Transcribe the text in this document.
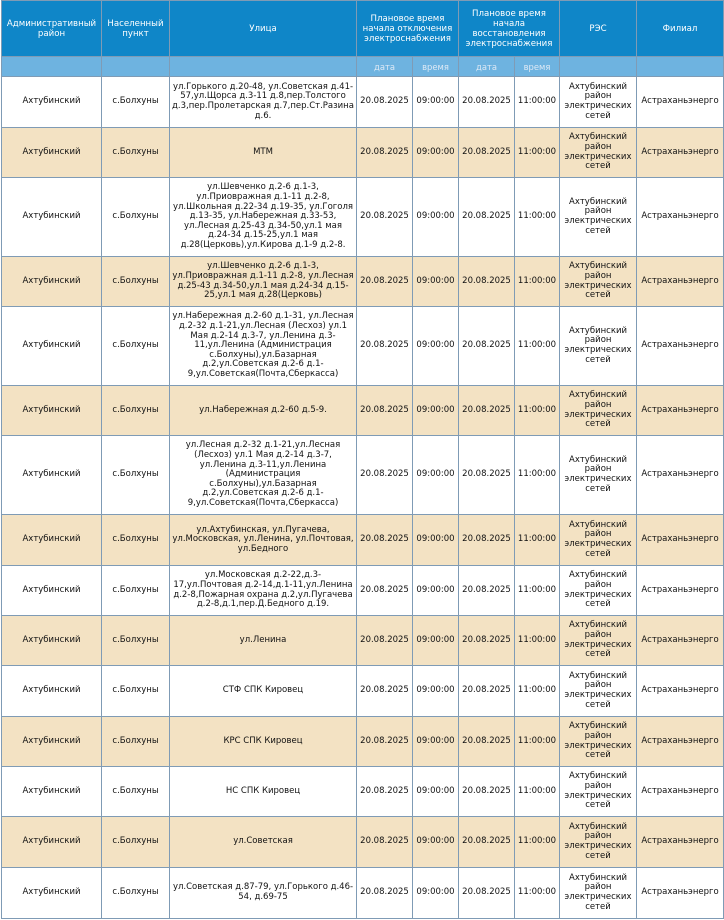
Административный район	Населенный пункт	Улица	Плановое время начала отключения электроснабжения		Плановое время начала восстановления электроснабжения		РЭС	Филиал
			дата	время	дата	время		
Ахтубинский	с.Болхуны	ул.Горького д.20-48, ул.Советская д.41-57,ул.Щорса д.3-11 д.8,пер.Толстого д.3,пер.Пролетарская д.7,пер.Ст.Разина д.6.	20.08.2025	09:00:00	20.08.2025	11:00:00	Ахтубинский район электрических сетей	Астраханьэнерго
Ахтубинский	с.Болхуны	МТМ	20.08.2025	09:00:00	20.08.2025	11:00:00	Ахтубинский район электрических сетей	Астраханьэнерго
Ахтубинский	с.Болхуны	ул.Шевченко д.2-6 д.1-3, ул.Приовражная д.1-11 д.2-8, ул.Школьная д.22-34 д.19-35, ул.Гоголя д.13-35, ул.Набережная д.33-53, ул.Лесная д.25-43 д.34-50,ул.1 мая д.24-34 д.15-25,ул.1 мая д.28(Церковь),ул.Кирова д.1-9 д.2-8.	20.08.2025	09:00:00	20.08.2025	11:00:00	Ахтубинский район электрических сетей	Астраханьэнерго
Ахтубинский	с.Болхуны	ул.Шевченко д.2-6 д.1-3, ул.Приовражная д.1-11 д.2-8, ул.Лесная д.25-43 д.34-50,ул.1 мая д.24-34 д.15-25,ул.1 мая д.28(Церковь)	20.08.2025	09:00:00	20.08.2025	11:00:00	Ахтубинский район электрических сетей	Астраханьэнерго
Ахтубинский	с.Болхуны	ул.Набережная д.2-60 д.1-31, ул.Лесная д.2-32 д.1-21,ул.Лесная (Лесхоз) ул.1 Мая д.2-14 д.3-7, ул.Ленина д.3-11,ул.Ленина (Администрация с.Болхуны),ул.Базарная д.2,ул.Советская д.2-6 д.1-9,ул.Советская(Почта,Сберкасса)	20.08.2025	09:00:00	20.08.2025	11:00:00	Ахтубинский район электрических сетей	Астраханьэнерго
Ахтубинский	с.Болхуны	ул.Набережная д.2-60 д.5-9.	20.08.2025	09:00:00	20.08.2025	11:00:00	Ахтубинский район электрических сетей	Астраханьэнерго
Ахтубинский	с.Болхуны	ул.Лесная д.2-32 д.1-21,ул.Лесная (Лесхоз) ул.1 Мая д.2-14 д.3-7, ул.Ленина д.3-11,ул.Ленина (Администрация с.Болхуны),ул.Базарная д.2,ул.Советская д.2-6 д.1-9,ул.Советская(Почта,Сберкасса)	20.08.2025	09:00:00	20.08.2025	11:00:00	Ахтубинский район электрических сетей	Астраханьэнерго
Ахтубинский	с.Болхуны	ул.Ахтубинская, ул.Пугачева, ул.Московская, ул.Ленина, ул.Почтовая, ул.Бедного	20.08.2025	09:00:00	20.08.2025	11:00:00	Ахтубинский район электрических сетей	Астраханьэнерго
Ахтубинский	с.Болхуны	ул.Московская д.2-22,д.3-17,ул.Почтовая д.2-14,д.1-11,ул.Ленина д.2-8,Пожарная охрана д.2,ул.Пугачева д.2-8,д.1,пер.Д.Бедного д.19.	20.08.2025	09:00:00	20.08.2025	11:00:00	Ахтубинский район электрических сетей	Астраханьэнерго
Ахтубинский	с.Болхуны	ул.Ленина	20.08.2025	09:00:00	20.08.2025	11:00:00	Ахтубинский район электрических сетей	Астраханьэнерго
Ахтубинский	с.Болхуны	СТФ СПК Кировец	20.08.2025	09:00:00	20.08.2025	11:00:00	Ахтубинский район электрических сетей	Астраханьэнерго
Ахтубинский	с.Болхуны	КРС СПК Кировец	20.08.2025	09:00:00	20.08.2025	11:00:00	Ахтубинский район электрических сетей	Астраханьэнерго
Ахтубинский	с.Болхуны	НС СПК Кировец	20.08.2025	09:00:00	20.08.2025	11:00:00	Ахтубинский район электрических сетей	Астраханьэнерго
Ахтубинский	с.Болхуны	ул.Советская	20.08.2025	09:00:00	20.08.2025	11:00:00	Ахтубинский район электрических сетей	Астраханьэнерго
Ахтубинский	с.Болхуны	ул.Советская д.87-79, ул.Горького д.46-54, д.69-75	20.08.2025	09:00:00	20.08.2025	11:00:00	Ахтубинский район электрических сетей	Астраханьэнерго
